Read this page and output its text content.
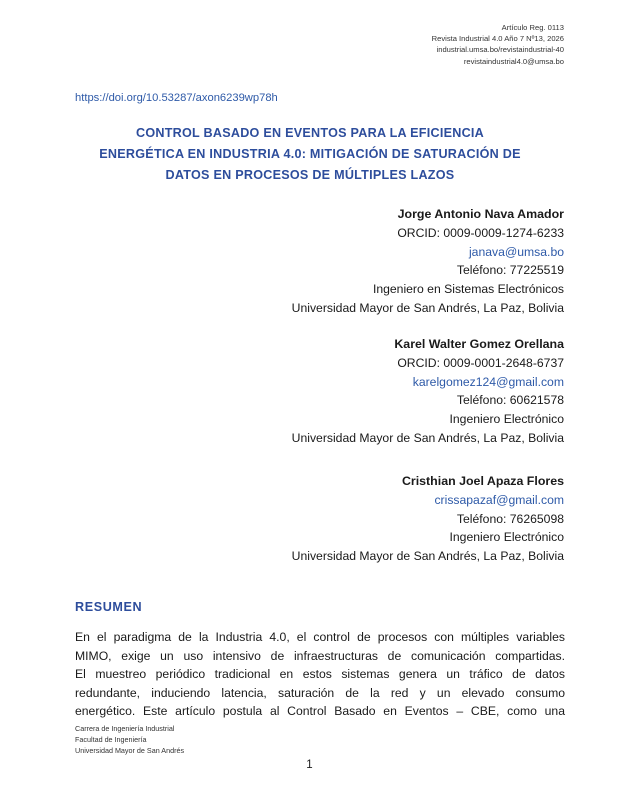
Artículo Reg. 0113
Revista Industrial 4.0 Año 7 Nº13, 2026
industrial.umsa.bo/revistaindustrial-40
revistaindustrial4.0@umsa.bo
https://doi.org/10.53287/axon6239wp78h
CONTROL BASADO EN EVENTOS PARA LA EFICIENCIA
ENERGÉTICA EN INDUSTRIA 4.0: MITIGACIÓN DE SATURACIÓN DE
DATOS EN PROCESOS DE MÚLTIPLES LAZOS
Jorge Antonio Nava Amador
ORCID: 0009-0009-1274-6233
janava@umsa.bo
Teléfono: 77225519
Ingeniero en Sistemas Electrónicos
Universidad Mayor de San Andrés, La Paz, Bolivia
Karel Walter Gomez Orellana
ORCID: 0009-0001-2648-6737
karelgomez124@gmail.com
Teléfono: 60621578
Ingeniero Electrónico
Universidad Mayor de San Andrés, La Paz, Bolivia
Cristhian Joel Apaza Flores
crissapazaf@gmail.com
Teléfono: 76265098
Ingeniero Electrónico
Universidad Mayor de San Andrés, La Paz, Bolivia
RESUMEN
En el paradigma de la Industria 4.0, el control de procesos con múltiples variables
MIMO, exige un uso intensivo de infraestructuras de comunicación compartidas.
El muestreo periódico tradicional en estos sistemas genera un tráfico de datos
redundante, induciendo latencia, saturación de la red y un elevado consumo
energético. Este artículo postula al Control Basado en Eventos – CBE, como una
Carrera de Ingeniería Industrial
Facultad de Ingeniería
Universidad Mayor de San Andrés
1
